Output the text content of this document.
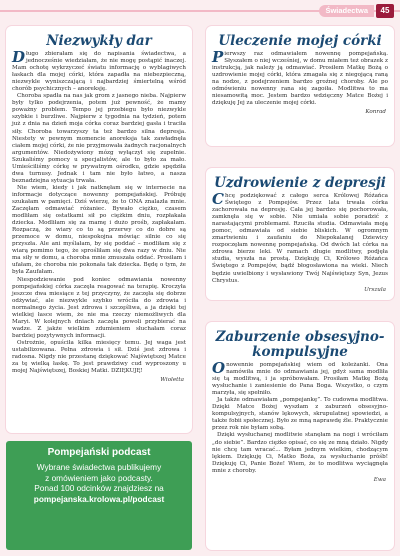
Świadectwa	45
Niezwykły dar

Długo zbierałam się do napisania świadectwa, a jednocześnie wiedziałam, że nie mogę postąpić inaczej. Mam ochotę wykrzyczeć światu informację o wyblagiwych łaskach dla mojej córki, która zapadła na niebezpieczną, niezwykle wyniszczającą i najbardziej śmiertelną wśród chorób psychicznych – anoreksję.

Choroba spadła na nas jak grom z jasnego nieba. Najpierw były tylko podejrzenia, potem już pewność, że mamy poważny problem. Tempo jej przebiegu było niezwykle szybkie i burzliwe. Najpierw z tygodnia na tydzień, potem już z dnia na dzień moja córka coraz bardziej gasła i traciła siły. Choroba towarzyszy ta też bardzo silna depresja. Niestety w pewnym momencie anoreksja tak zawładnęła ciałem mojej córki, że nie przyjmowała żadnych racjonalnych argumentów. Niedożywiony mózg wyłączył się zupełnie. Szukaliśmy pomocy u specjalistów, ale to było za mało. Umieściliśmy córkę w prywatnym ośrodku, gdzie spędziła dwa turnusy. Jednak i tam nie było łatwo, a nasza beznadziejna sytuacja trwała.

Nie wiem, kiedy i jak natknęłam się w internecie na informacje dotyczące nowenny pompejańskiej. Próbuję szukałam w pamięci. Dziś wierzę, że to ONA znalazła mnie. Zaczęłam odmawiać różaniec. Bywało ciężko, czasem modliłam się ostatkami sił po ciężkim dniu, rozpłakała dziecka. Modliłam się za mamę i dużo prośb, zapłakałam. Rozpaczą, że wiary co to są przerwy co do dobre są przemoce w domu, niespokojna mówiąc silnie co się przyszła. Ale ani myślałam, by się poddać – modliłam się z wiarą pomimo tego, że sprośliłam się dwa razy w dniu. Nie ma siły w domu, a choroba mnie zmuszała oddać. Prosiłam i ufałam, że choroba nie pokonała tak dziecka. Będę o tym, że była Zaufałam.

Niespodziewanie pod koniec odmawiania nowenny pompejańskiej córka zaczęła reagować na terapię. Kroczyła jeszcze dwa miesiące z tej przyczyny, że zaczęła się dobrze odżywiać, ale niezwykle szybko wróciła do zdrowia i normalnego życia. Jest zdrowa i szczęśliwa, a ja dzięki tej wielkiej łasce wiem, że nie ma rzeczy niemożliwych dla Maryi. W kolejnych dniach zaczęła powoli przybierać na wadze. Z jakże wielkim zdumieniem słuchałam coraz bardziej pozytywnych informacji.

Ostrożnie, opuściła kilka miesięcy temu. Jej waga jest ustabilizowana. Pełna zdrowia i sił. Dziś jest zdrowa i radosna. Nigdy nie przestanę dziękować Najświętszej Matce za tę wielką łaskę. To jest prawdziwy cud wyproszony u mojej Najświętszej, Boskiej Matki. DZIĘKUJĘ!

Wioletta

Pompejański podcast

Wybrane świadectwa publikujemy

z omówieniem jako podcasty.

Ponad 100 odcinków znajdziesz na

pompejanska.krolowa.pl/podcast

Uleczenie mojej córki

Pierwszy raz odmawiałem nowennę pompejańską. Słyszałem o niej wcześniej, w domu miałem też obrazek z instrukcją, jak należy ją odmawiać. Prosiłem Matkę Bożą o uzdrowienie mojej córki, która zmagała się z niegojącą raną na nodze, z podejrzeniem bardzo groźnej choroby. Ale po odmówieniu nowenny rana się zagoiła. Modlitwa to ma niesamowitą moc. Jestem bardzo wdzięczny Matce Bożej i dziękuję Jej za uleczenie mojej córki.

Konrad
Uzdrowienie z depresji

Chcę podziękować z całego serca Królowej Różańca Świętego z Pompejów. Przez lata trwała córka zachorowała na depresję. Cała jej bardzo się pochorowała, zamknęła się w sobie. Nie umiała sobie poradzić z narastającymi problemami. Rzuciła studia. Odmawiała moją pomoc, odmawiała od siebie bliskich. W ogromnym zmartwieniu i zaufaniu do Niepokalanej Dziewicy rozpoczęłam nowennę pompejańską. Od dwóch lat córka na zdrowa bierze leki. W ramach długie modlitwy, podjęła studia, wyszła na prostą. Dziękuję Ci, Królowo Różańca Świętego z Pompejów, bądź błogosławiona na wieki. Niech będzie uwielbiony i wysławiony Twój Najświętszy Syn, Jezus Chrystus.

Urszula
Zaburzenie obsesyjno-
kompulsyjne

Onowennie pompejańskiej wiem od koleżanki. Ona namówiła mnie do odmawiania jej, gdyż sama modliła się tą modlitwą, i ja spróbowałam. Prosiłam Matkę Bożą wysłuchanie i zaniesienie do Pana Boga. Wszystko, o czym marzyła, się spełniło.

Ja także odmawiałam „pompejankę”. To cudowna modlitwa. Dzięki Matce Bożej wyszłam z zaburzeń obsesyjno-kompulsyjnych, stanów lękowych, skrupulatnej spowiedzi, a także fobii społecznej. Było ze mną naprawdę źle. Praktycznie przez rok nie byłam sobą.

Dzięki wysłuchanej modlitwie stanęłam na nogi i wróciłam „do siebie”. Bardzo ciężko opisać, co się ze mną działo. Nigdy nie chcę tam wracać... Byłam jednym wielkim, chodzącym lękiem. Dziękuję Ci, Matko Boża, za wysłuchanie próśb! Dziękuję Ci, Panie Boże! Wiem, że to modlitwa wyciągnęła mnie z choroby.

Ewa
